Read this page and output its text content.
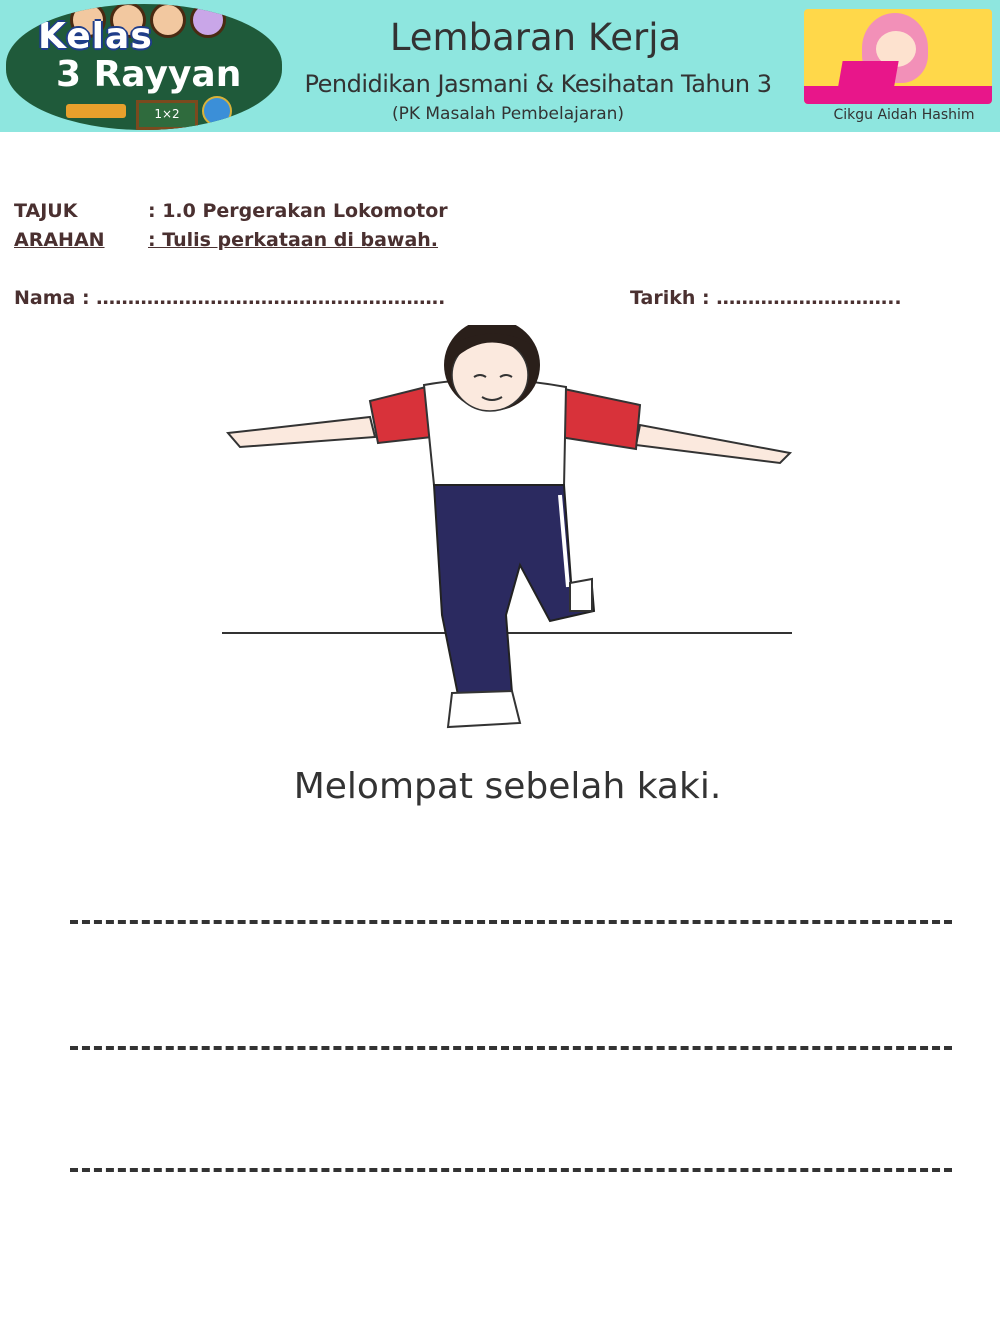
Kelas
3 Rayyan
1×2
Lembaran Kerja
Pendidikan Jasmani & Kesihatan Tahun 3
(PK Masalah Pembelajaran)	Cikgu Aidah Hashim
TAJUK	: 1.0 Pergerakan Lokomotor
ARAHAN : Tulis perkataan di bawah.
Nama : ……………………………………………….	Tarikh : ………………………..
Melompat sebelah kaki.
